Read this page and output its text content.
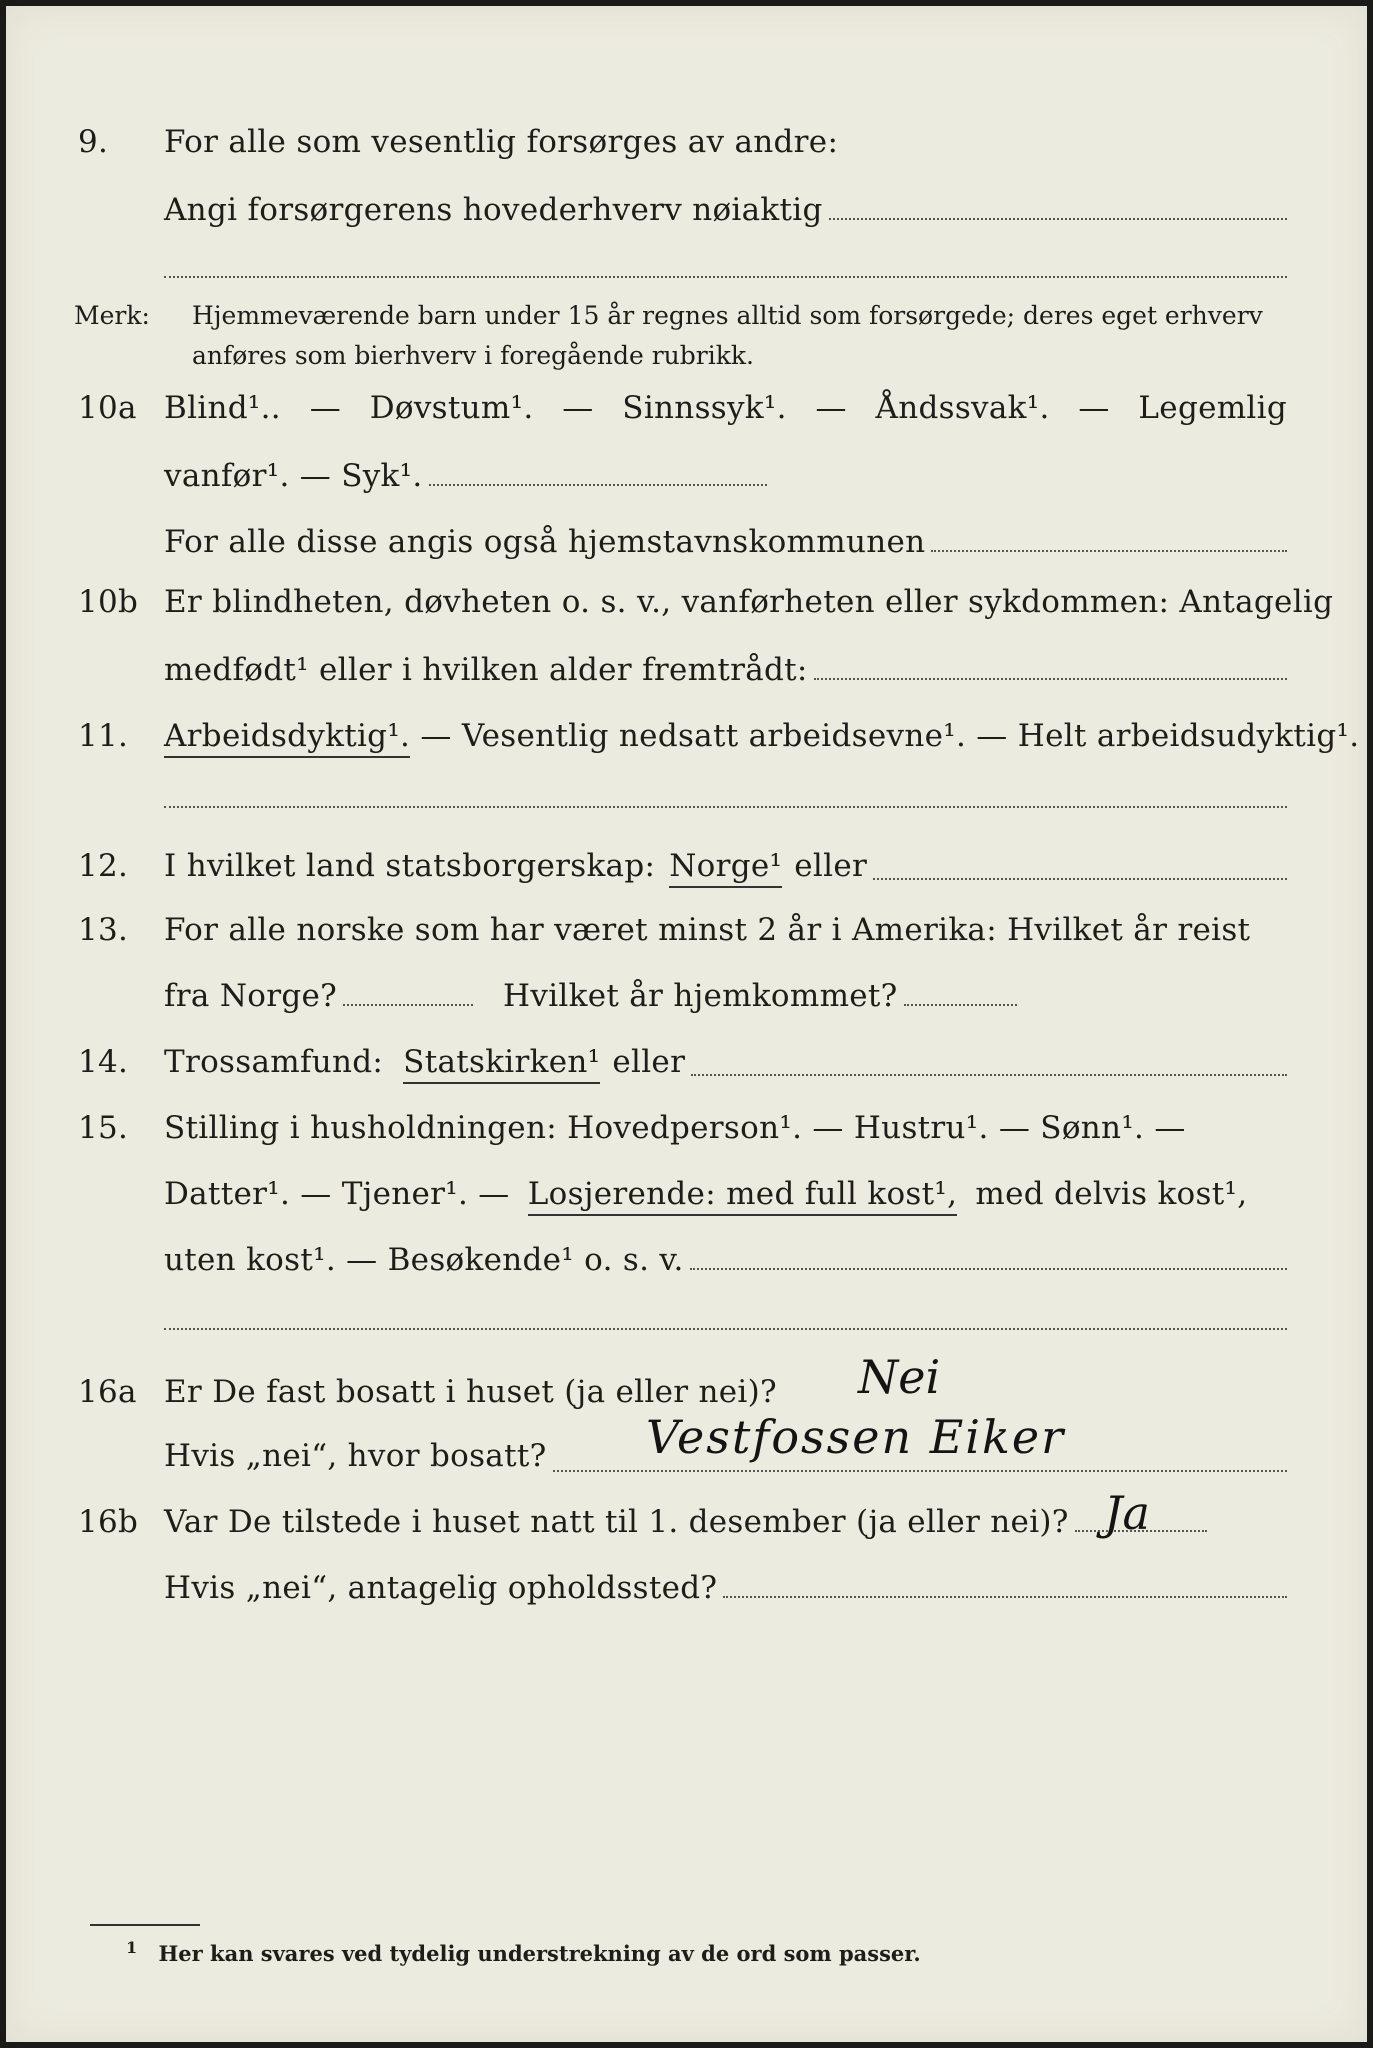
9.	For alle som vesentlig forsørges av andre:
Angi forsørgerens hovederhverv nøiaktig
Merk: Hjemmeværende barn under 15 år regnes alltid som forsørgede; deres eget erhverv
anføres som bierhverv i foregående rubrikk.
10a Blind¹.. — Døvstum¹. — Sinnssyk¹. — Åndssvak¹. — Legemlig
vanfør¹. — Syk¹.
For alle disse angis også hjemstavnskommunen
10b Er blindheten, døvheten o. s. v., vanførheten eller sykdommen: Antagelig
medfødt¹ eller i hvilken alder fremtrådt:
11.	Arbeidsdyktig¹. — Vesentlig nedsatt arbeidsevne¹. — Helt arbeidsudyktig¹.
12.	I hvilket land statsborgerskap: Norge¹ eller
13.	For alle norske som har været minst 2 år i Amerika: Hvilket år reist
fra Norge?	Hvilket år hjemkommet?
14.	Trossamfund: Statskirken¹ eller
15.	Stilling i husholdningen: Hovedperson¹. — Hustru¹. — Sønn¹. —
Datter¹. — Tjener¹. — Losjerende: med full kost¹, med delvis kost¹,
uten kost¹. — Besøkende¹ o. s. v.
16a Er De fast bosatt i huset (ja eller nei)?	Nei
Hvis „nei“, hvor bosatt? Vestfossen Eiker
16b Var De tilstede i huset natt til 1. desember (ja eller nei)? Ja
Hvis „nei“, antagelig opholdssted?
$^1$ Her kan svares ved tydelig understrekning av de ord som passer.
